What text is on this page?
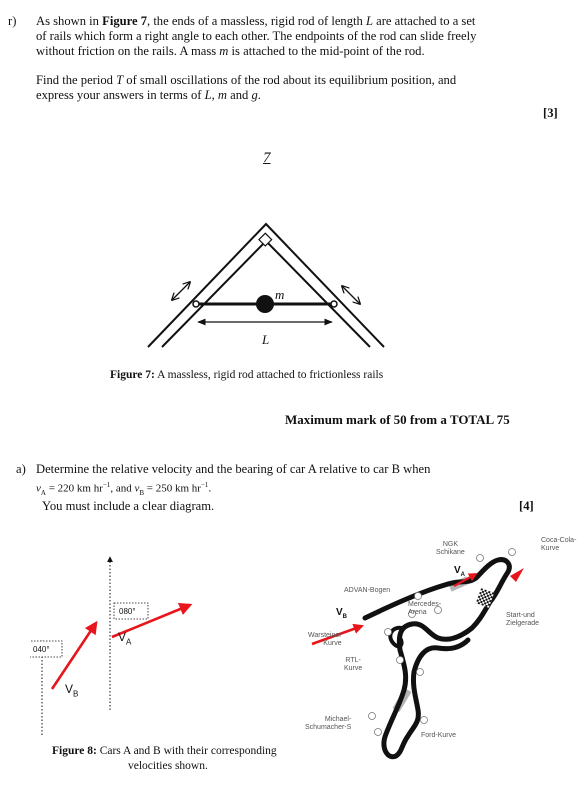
r) As shown in Figure 7, the ends of a massless, rigid rod of length L are attached to a set
of rails which form a right angle to each other. The endpoints of the rod can slide freely
without friction on the rails. A mass m is attached to the mid-point of the rod.
Find the period T of small oscillations of the rod about its equilibrium position, and
express your answers in terms of L, m and g.
[3]
7
m
L
Figure 7: A massless, rigid rod attached to frictionless rails
Maximum mark of 50 from a TOTAL 75
a) Determine the relative velocity and the bearing of car A relative to car B when
$v_A = 220$ km $hr^{-1}$, and $v_B = 250$ km $hr^{-1}$.
You must include a clear diagram.	[4]
080°
040°
$V_A$
$V_B$
Figure 8: Cars A and B with their corresponding
velocities shown.
Coca-Cola-
Kurve
NGK
Schikane
$V_A$
ADVAN-Bogen
Mercedes-
Arena	Start-und
Zielgerade
$V_B$
Warsteiner
Kurve
RTL-
Kurve
Michael-
Schumacher-S
Ford-Kurve
